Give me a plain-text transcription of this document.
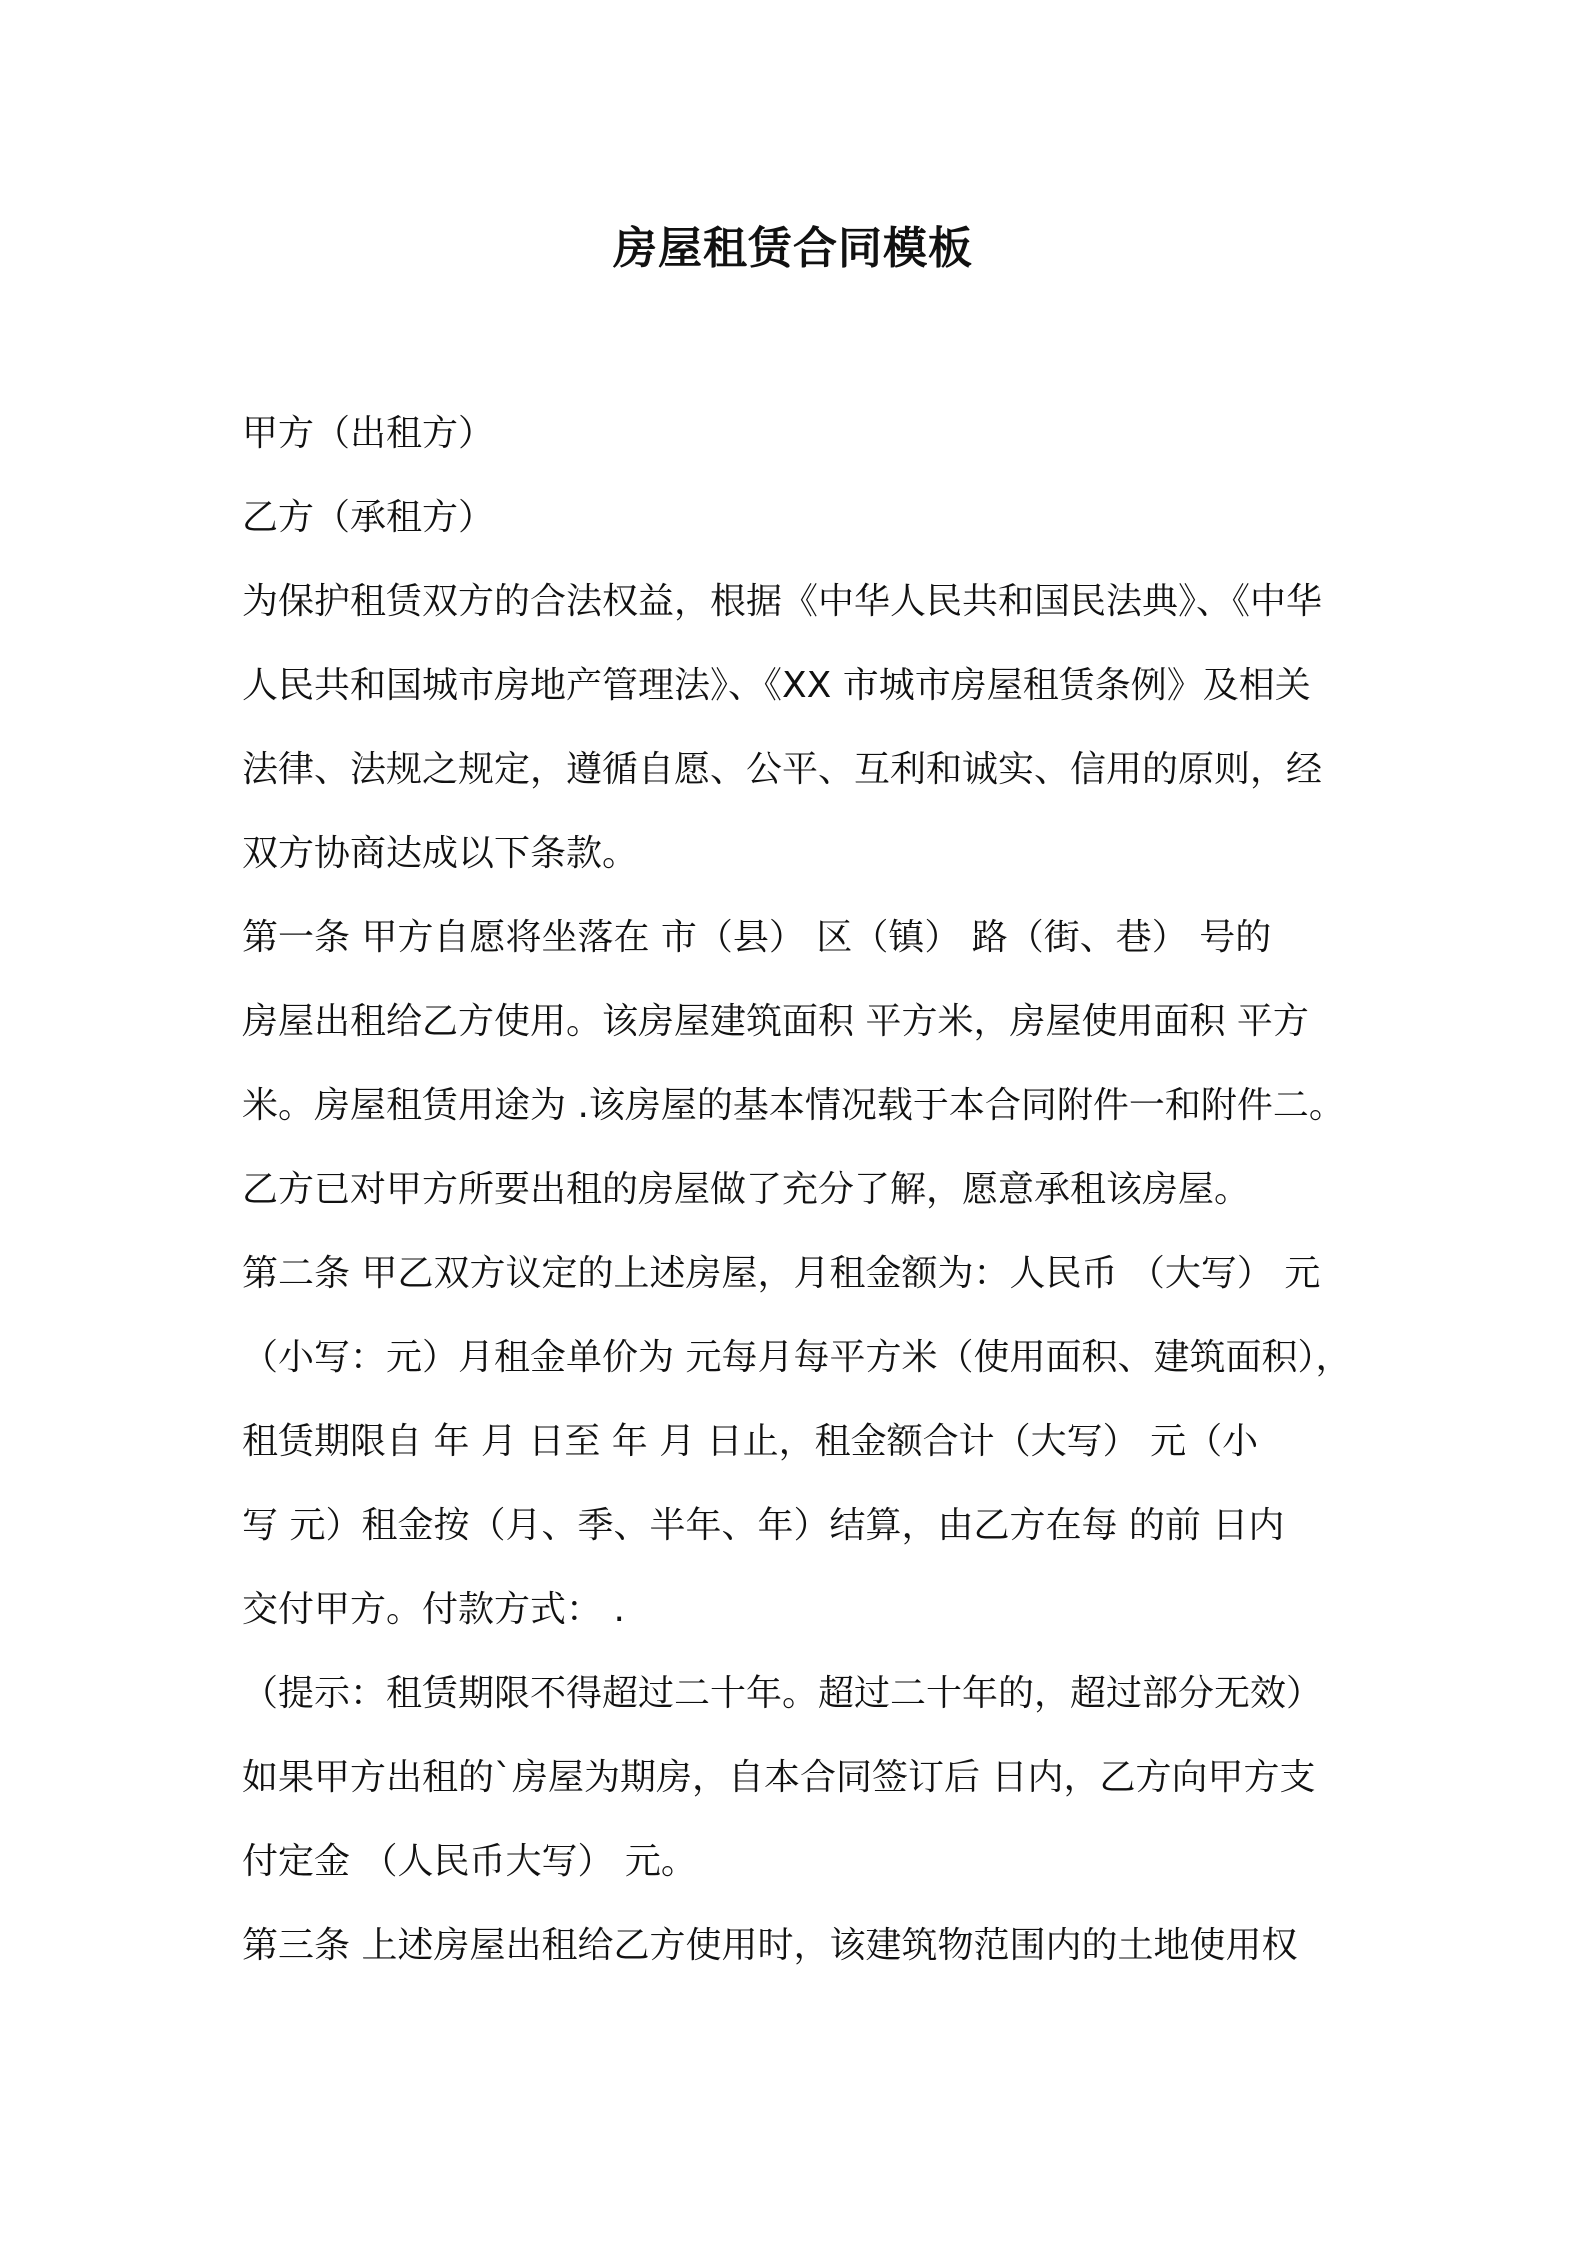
房屋租赁合同模板

甲方（出租方）

乙方（承租方）

为保护租赁双方的合法权益，根据《中华人民共和国民法典》、《中华

人民共和国城市房地产管理法》、《XX 市城市房屋租赁条例》及相关

法律、法规之规定，遵循自愿、公平、互利和诚实、信用的原则，经

双方协商达成以下条款。

第一条 甲方自愿将坐落在 市（县） 区（镇） 路（街、巷） 号的

房屋出租给乙方使用。该房屋建筑面积 平方米，房屋使用面积 平方

米。房屋租赁用途为 .该房屋的基本情况载于本合同附件一和附件二。

乙方已对甲方所要出租的房屋做了充分了解，愿意承租该房屋。

第二条 甲乙双方议定的上述房屋，月租金额为：人民币 （大写） 元

（小写：元）月租金单价为 元每月每平方米（使用面积、建筑面积），

租赁期限自 年 月 日至 年 月 日止，租金额合计（大写） 元（小

写 元）租金按（月、季、半年、年）结算，由乙方在每 的前 日内

交付甲方。付款方式： .

（提示：租赁期限不得超过二十年。超过二十年的，超过部分无效）

如果甲方出租的`房屋为期房，自本合同签订后 日内，乙方向甲方支

付定金 （人民币大写） 元。

第三条 上述房屋出租给乙方使用时，该建筑物范围内的土地使用权
